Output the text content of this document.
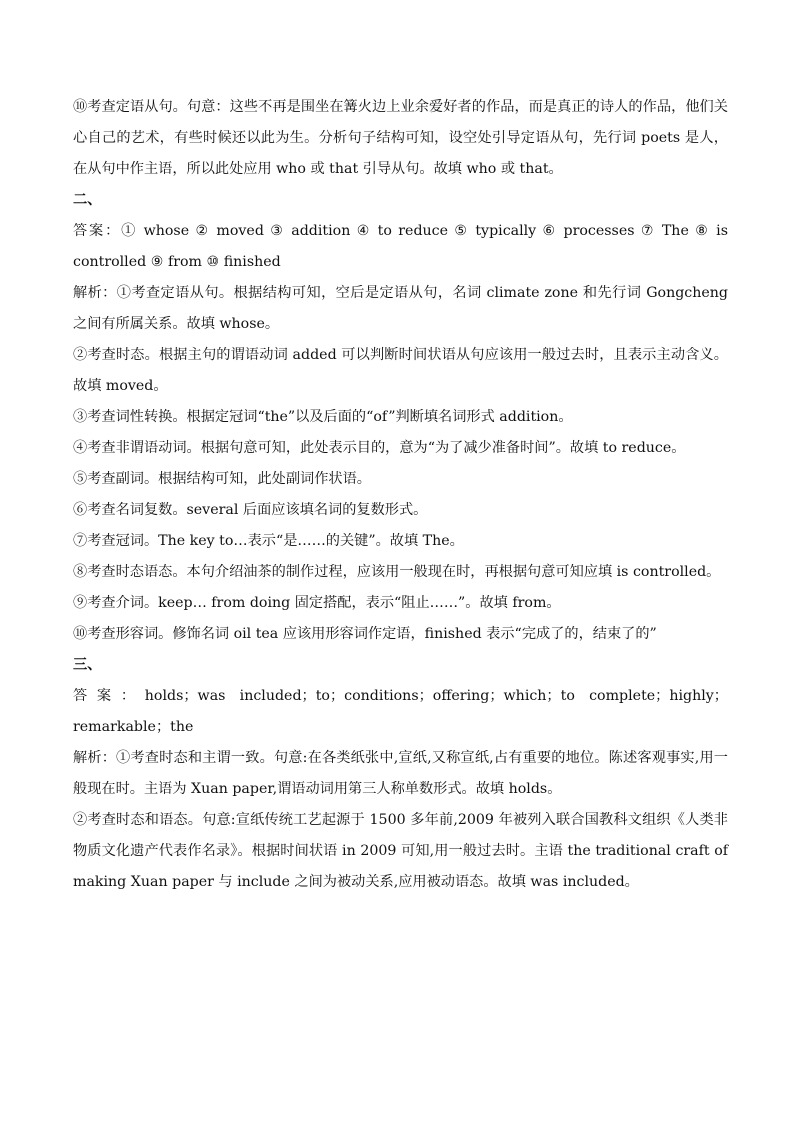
⑩考查定语从句。句意：这些不再是围坐在篝火边上业余爱好者的作品，而是真正的诗人的作品，他们关心自己的艺术，有些时候还以此为生。分析句子结构可知，设空处引导定语从句，先行词 poets 是人，在从句中作主语，所以此处应用 who 或 that 引导从句。故填 who 或 that。

二、

答案：① whose ② moved ③ addition ④ to reduce ⑤ typically ⑥ processes ⑦ The ⑧ is controlled ⑨ from ⑩ finished

解析：①考查定语从句。根据结构可知，空后是定语从句，名词 climate zone 和先行词 Gongcheng 之间有所属关系。故填 whose。

②考查时态。根据主句的谓语动词 added 可以判断时间状语从句应该用一般过去时，且表示主动含义。故填 moved。

③考查词性转换。根据定冠词“the”以及后面的“of”判断填名词形式 addition。

④考查非谓语动词。根据句意可知，此处表示目的，意为“为了减少准备时间”。故填 to reduce。

⑤考查副词。根据结构可知，此处副词作状语。

⑥考查名词复数。several 后面应该填名词的复数形式。

⑦考查冠词。The key to…表示“是……的关键”。故填 The。

⑧考查时态语态。本句介绍油茶的制作过程，应该用一般现在时，再根据句意可知应填 is controlled。

⑨考查介词。keep… from doing 固定搭配，表示“阻止……”。故填 from。

⑩考查形容词。修饰名词 oil tea 应该用形容词作定语，finished 表示“完成了的，结束了的”

三、

答案：holds；was included；to；conditions；offering；which；to complete；highly；remarkable；the

解析：①考查时态和主谓一致。句意:在各类纸张中,宣纸,又称宣纸,占有重要的地位。陈述客观事实,用一般现在时。主语为 Xuan paper,谓语动词用第三人称单数形式。故填 holds。

②考查时态和语态。句意:宣纸传统工艺起源于 1500 多年前,2009 年被列入联合国教科文组织《人类非物质文化遗产代表作名录》。根据时间状语 in 2009 可知,用一般过去时。主语 the traditional craft of making Xuan paper 与 include 之间为被动关系,应用被动语态。故填 was included。
